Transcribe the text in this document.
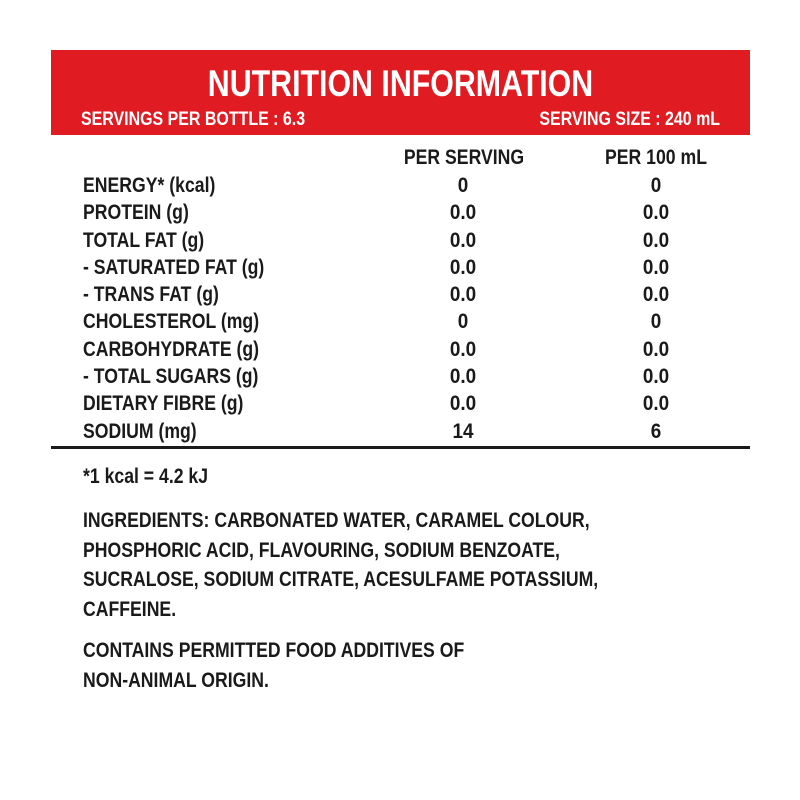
NUTRITION INFORMATION
SERVINGS PER BOTTLE : 6.3	SERVING SIZE : 240 mL
PER SERVING	PER 100 mL
ENERGY* (kcal)	0	0
PROTEIN (g)	0.0	0.0
TOTAL FAT (g)	0.0	0.0
- SATURATED FAT (g)	0.0	0.0
- TRANS FAT (g)	0.0	0.0
CHOLESTEROL (mg)	0	0
CARBOHYDRATE (g)	0.0	0.0
- TOTAL SUGARS (g)	0.0	0.0
DIETARY FIBRE (g)	0.0	0.0
SODIUM (mg)	14	6
*1 kcal = 4.2 kJ
INGREDIENTS: CARBONATED WATER, CARAMEL COLOUR,
PHOSPHORIC ACID, FLAVOURING, SODIUM BENZOATE,
SUCRALOSE, SODIUM CITRATE, ACESULFAME POTASSIUM,
CAFFEINE.
CONTAINS PERMITTED FOOD ADDITIVES OF
NON-ANIMAL ORIGIN.
